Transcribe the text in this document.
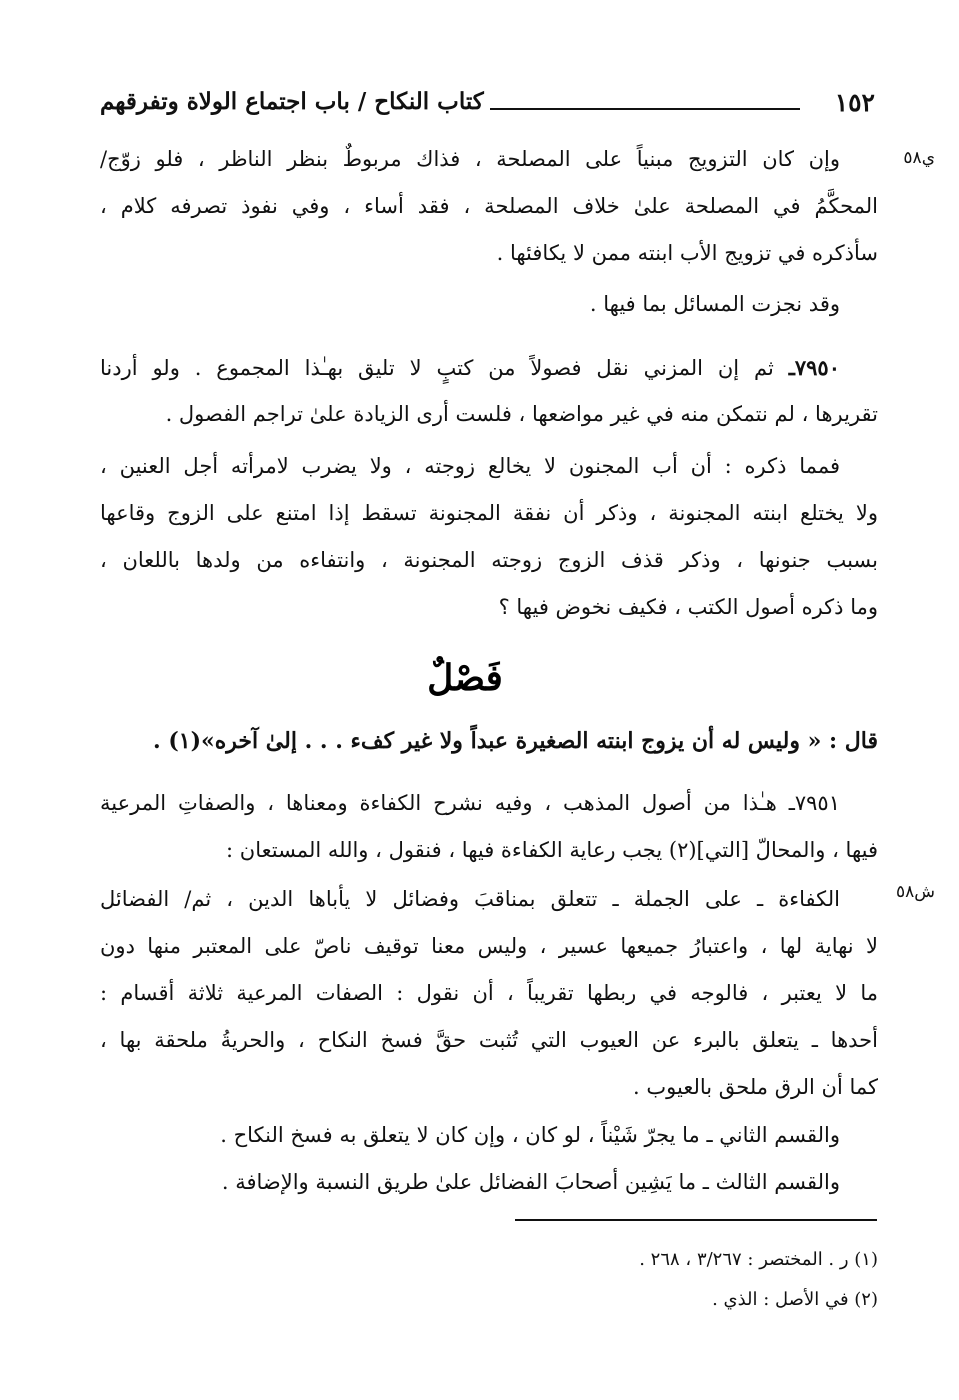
١٥٢
كتاب النكاح / باب اجتماع الولاة وتفرقهم
ي٥٨
ش٥٨
وإن كان التزويج مبنياً على المصلحة ، فذاك مربوطٌ بنظر الناظر ، فلو زوّج/
المحكَّمُ في المصلحة علىٰ خلاف المصلحة ، فقد أساء ، وفي نفوذ تصرفه كلام ،
سأذكره في تزويج الأب ابنته ممن لا يكافئها .
وقد نجزت المسائل بما فيها .
٧٩٥٠ـ ثم إن المزني نقل فصولاً من كتبٍ لا تليق بهـٰذا المجموع . ولو أردنا
تقريرها ، لم نتمكن منه في غير مواضعها ، فلست أرى الزيادة علىٰ تراجم الفصول .
فمما ذكره : أن أب المجنون لا يخالع زوجته ، ولا يضرب لامرأته أجل العنين ،
ولا يختلع ابنته المجنونة ، وذكر أن نفقة المجنونة تسقط إذا امتنع على الزوج وقاعها
بسبب جنونها ، وذكر قذف الزوج زوجته المجنونة ، وانتفاءه من ولدها باللعان ،
وما ذكره أصول الكتب ، فكيف نخوض فيها ؟
فَصْلٌ
قال : « وليس له أن يزوج ابنته الصغيرة عبداً ولا غير كفء . . . إلىٰ آخره»(١) .
٧٩٥١ـ هـٰذا من أصول المذهب ، وفيه نشرح الكفاءة ومعناها ، والصفاتِ المرعية
فيها ، والمحالّ [التي](٢) يجب رعاية الكفاءة فيها ، فنقول ، والله المستعان :
الكفاءة ـ على الجملة ـ تتعلق بمناقبَ وفضائل لا يأباها الدين ، ثم/ الفضائل
لا نهاية لها ، واعتبارُ جميعها عسير ، وليس معنا توقيف ناصّ على المعتبر منها دون
ما لا يعتبر ، فالوجه في ربطها تقريباً ، أن نقول : الصفات المرعية ثلاثة أقسام :
أحدها ـ يتعلق بالبرء عن العيوب التي تُثبت حقَّ فسخ النكاح ، والحريةُ ملحقة بها ،
كما أن الرق ملحق بالعيوب .
والقسم الثاني ـ ما يجرّ شَيْناً ، لو كان ، وإن كان لا يتعلق به فسخ النكاح .
والقسم الثالث ـ ما يَشِين أصحابَ الفضائل علىٰ طريق النسبة والإضافة .
(١) ر . المختصر : ٣/٢٦٧ ، ٢٦٨ .
(٢) في الأصل : الذي .
